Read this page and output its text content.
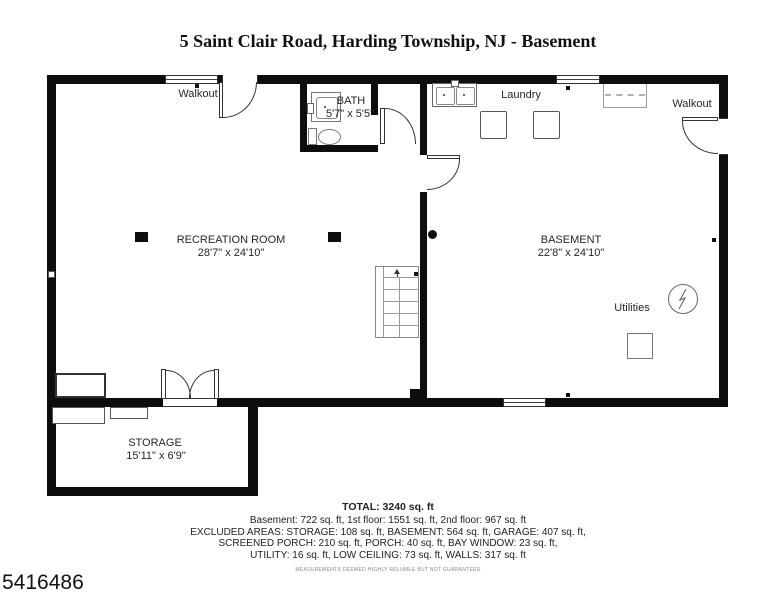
5 Saint Clair Road, Harding Township, NJ - Basement
Walkout
BATH
5'7" x 5'5"
Laundry
Walkout
RECREATION ROOM
28'7" x 24'10"
BASEMENT
22'8" x 24'10"
Utilities
STORAGE
15'11" x 6'9"
TOTAL: 3240 sq. ft
Basement: 722 sq. ft, 1st floor: 1551 sq. ft, 2nd floor: 967 sq. ft
EXCLUDED AREAS: STORAGE: 108 sq. ft, BASEMENT: 564 sq. ft, GARAGE: 407 sq. ft,
SCREENED PORCH: 210 sq. ft, PORCH: 40 sq. ft, BAY WINDOW: 23 sq. ft,
UTILITY: 16 sq. ft, LOW CEILING: 73 sq. ft, WALLS: 317 sq. ft
MEASUREMENTS DEEMED HIGHLY RELIABLE BUT NOT GUARANTEED
5416486
